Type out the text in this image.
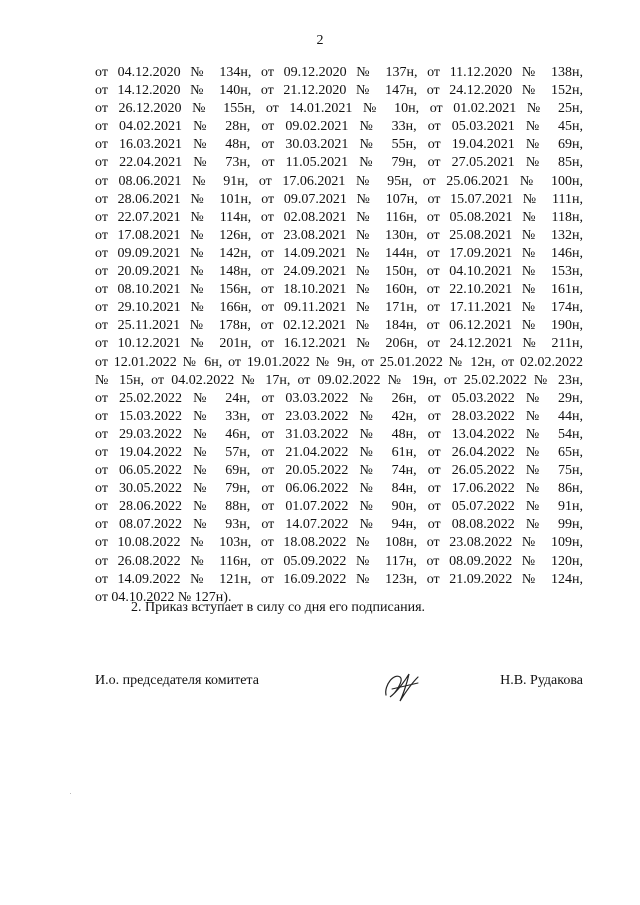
2
от 04.12.2020 № 134н, от 09.12.2020 № 137н, от 11.12.2020 № 138н,
от 14.12.2020 № 140н, от 21.12.2020 № 147н, от 24.12.2020 № 152н,
от 26.12.2020 № 155н, от 14.01.2021 № 10н, от 01.02.2021 № 25н,
от 04.02.2021 № 28н, от 09.02.2021 № 33н, от 05.03.2021 № 45н,
от 16.03.2021 № 48н, от 30.03.2021 № 55н, от 19.04.2021 № 69н,
от 22.04.2021 № 73н, от 11.05.2021 № 79н, от 27.05.2021 № 85н,
от 08.06.2021 № 91н, от 17.06.2021 № 95н, от 25.06.2021 № 100н,
от 28.06.2021 № 101н, от 09.07.2021 № 107н, от 15.07.2021 № 111н,
от 22.07.2021 № 114н, от 02.08.2021 № 116н, от 05.08.2021 № 118н,
от 17.08.2021 № 126н, от 23.08.2021 № 130н, от 25.08.2021 № 132н,
от 09.09.2021 № 142н, от 14.09.2021 № 144н, от 17.09.2021 № 146н,
от 20.09.2021 № 148н, от 24.09.2021 № 150н, от 04.10.2021 № 153н,
от 08.10.2021 № 156н, от 18.10.2021 № 160н, от 22.10.2021 № 161н,
от 29.10.2021 № 166н, от 09.11.2021 № 171н, от 17.11.2021 № 174н,
от 25.11.2021 № 178н, от 02.12.2021 № 184н, от 06.12.2021 № 190н,
от 10.12.2021 № 201н, от 16.12.2021 № 206н, от 24.12.2021 № 211н,
от 12.01.2022 № 6н, от 19.01.2022 № 9н, от 25.01.2022 № 12н, от 02.02.2022
№ 15н, от 04.02.2022 № 17н, от 09.02.2022 № 19н, от 25.02.2022 № 23н,
от 25.02.2022 № 24н, от 03.03.2022 № 26н, от 05.03.2022 № 29н,
от 15.03.2022 № 33н, от 23.03.2022 № 42н, от 28.03.2022 № 44н,
от 29.03.2022 № 46н, от 31.03.2022 № 48н, от 13.04.2022 № 54н,
от 19.04.2022 № 57н, от 21.04.2022 № 61н, от 26.04.2022 № 65н,
от 06.05.2022 № 69н, от 20.05.2022 № 74н, от 26.05.2022 № 75н,
от 30.05.2022 № 79н, от 06.06.2022 № 84н, от 17.06.2022 № 86н,
от 28.06.2022 № 88н, от 01.07.2022 № 90н, от 05.07.2022 № 91н,
от 08.07.2022 № 93н, от 14.07.2022 № 94н, от 08.08.2022 № 99н,
от 10.08.2022 № 103н, от 18.08.2022 № 108н, от 23.08.2022 № 109н,
от 26.08.2022 № 116н, от 05.09.2022 № 117н, от 08.09.2022 № 120н,
от 14.09.2022 № 121н, от 16.09.2022 № 123н, от 21.09.2022 № 124н,
от 04.10.2022 № 127н).
2. Приказ вступает в силу со дня его подписания.
И.о. председателя комитета	Н.В. Рудакова
